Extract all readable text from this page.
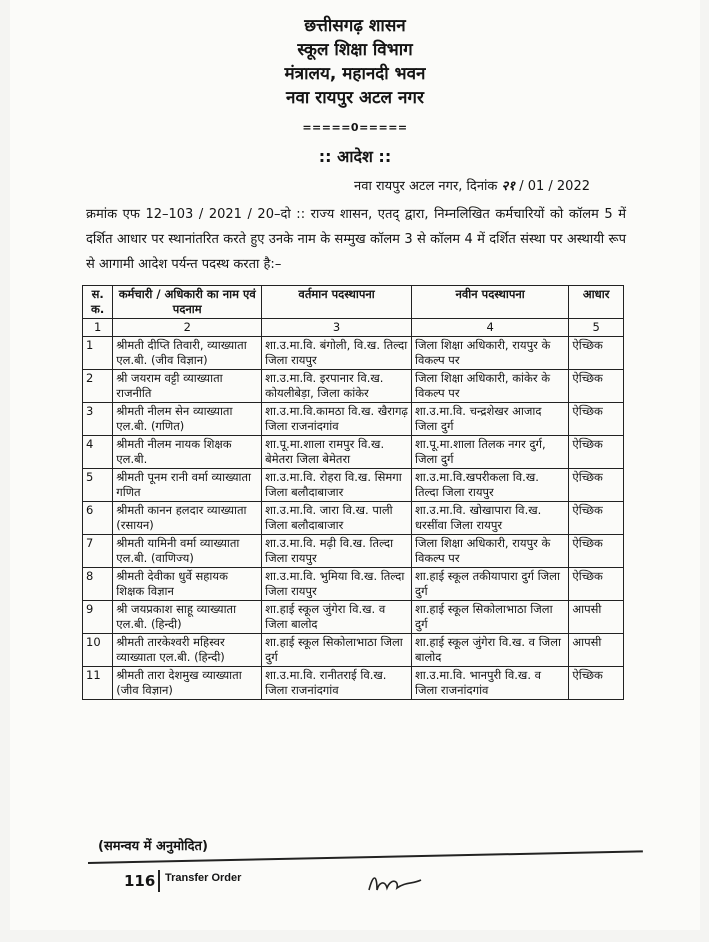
छत्तीसगढ़ शासन
स्कूल शिक्षा विभाग
मंत्रालय, महानदी भवन
नवा रायपुर अटल नगर
=====0=====
:: आदेश ::
नवा रायपुर अटल नगर, दिनांक २१ / 01 / 2022
क्रमांक एफ 12–103 / 2021 / 20–दो :: राज्य शासन, एतद् द्वारा, निम्नलिखित कर्मचारियों को कॉलम 5 में दर्शित आधार पर स्थानांतरित करते हुए उनके नाम के सम्मुख कॉलम 3 से कॉलम 4 में दर्शित संस्था पर अस्थायी रूप से आगामी आदेश पर्यन्त पदस्थ करता है:–
स. क.	कर्मचारी / अधिकारी का नाम एवं पदनाम	वर्तमान पदस्थापना	नवीन पदस्थापना	आधार
1	2	3	4	5
1	श्रीमती दीप्ति तिवारी, व्याख्याता एल.बी. (जीव विज्ञान)	शा.उ.मा.वि. बंगोली, वि.ख. तिल्दा जिला रायपुर	जिला शिक्षा अधिकारी, रायपुर के विकल्प पर	ऐच्छिक
2	श्री जयराम वट्टी व्याख्याता राजनीति	शा.उ.मा.वि. इरपानार वि.ख. कोयलीबेड़ा, जिला कांकेर	जिला शिक्षा अधिकारी, कांकेर के विकल्प पर	ऐच्छिक
3	श्रीमती नीलम सेन व्याख्याता एल.बी. (गणित)	शा.उ.मा.वि.कामठा वि.ख. खैरागढ़ जिला राजनांदगांव	शा.उ.मा.वि. चन्द्रशेखर आजाद जिला दुर्ग	ऐच्छिक
4	श्रीमती नीलम नायक शिक्षक एल.बी.	शा.पू.मा.शाला रामपुर वि.ख. बेमेतरा जिला बेमेतरा	शा.पू.मा.शाला तिलक नगर दुर्ग, जिला दुर्ग	ऐच्छिक
5	श्रीमती पूनम रानी वर्मा व्याख्याता गणित	शा.उ.मा.वि. रोहरा वि.ख. सिमगा जिला बलौदाबाजार	शा.उ.मा.वि.खपरीकला वि.ख. तिल्दा जिला रायपुर	ऐच्छिक
6	श्रीमती कानन हलदार व्याख्याता (रसायन)	शा.उ.मा.वि. जारा वि.ख. पाली जिला बलौदाबाजार	शा.उ.मा.वि. खोखापारा वि.ख. धरसींवा जिला रायपुर	ऐच्छिक
7	श्रीमती यामिनी वर्मा व्याख्याता एल.बी. (वाणिज्य)	शा.उ.मा.वि. मढ़ी वि.ख. तिल्दा जिला रायपुर	जिला शिक्षा अधिकारी, रायपुर के विकल्प पर	ऐच्छिक
8	श्रीमती देवीका धुर्वे सहायक शिक्षक विज्ञान	शा.उ.मा.वि. भुमिया वि.ख. तिल्दा जिला रायपुर	शा.हाई स्कूल तकीयापारा दुर्ग जिला दुर्ग	ऐच्छिक
9	श्री जयप्रकाश साहू व्याख्याता एल.बी. (हिन्दी)	शा.हाई स्कूल जुंगेरा वि.ख. व जिला बालोद	शा.हाई स्कूल सिकोलाभाठा जिला दुर्ग	आपसी
10	श्रीमती तारकेश्वरी महिस्वर व्याख्याता एल.बी. (हिन्दी)	शा.हाई स्कूल सिकोलाभाठा जिला दुर्ग	शा.हाई स्कूल जुंगेरा वि.ख. व जिला बालोद	आपसी
11	श्रीमती तारा देशमुख व्याख्याता (जीव विज्ञान)	शा.उ.मा.वि. रानीतराई वि.ख. जिला राजनांदगांव	शा.उ.मा.वि. भानपुरी वि.ख. व जिला राजनांदगांव	ऐच्छिक
(समन्वय में अनुमोदित)
116 Transfer Order
